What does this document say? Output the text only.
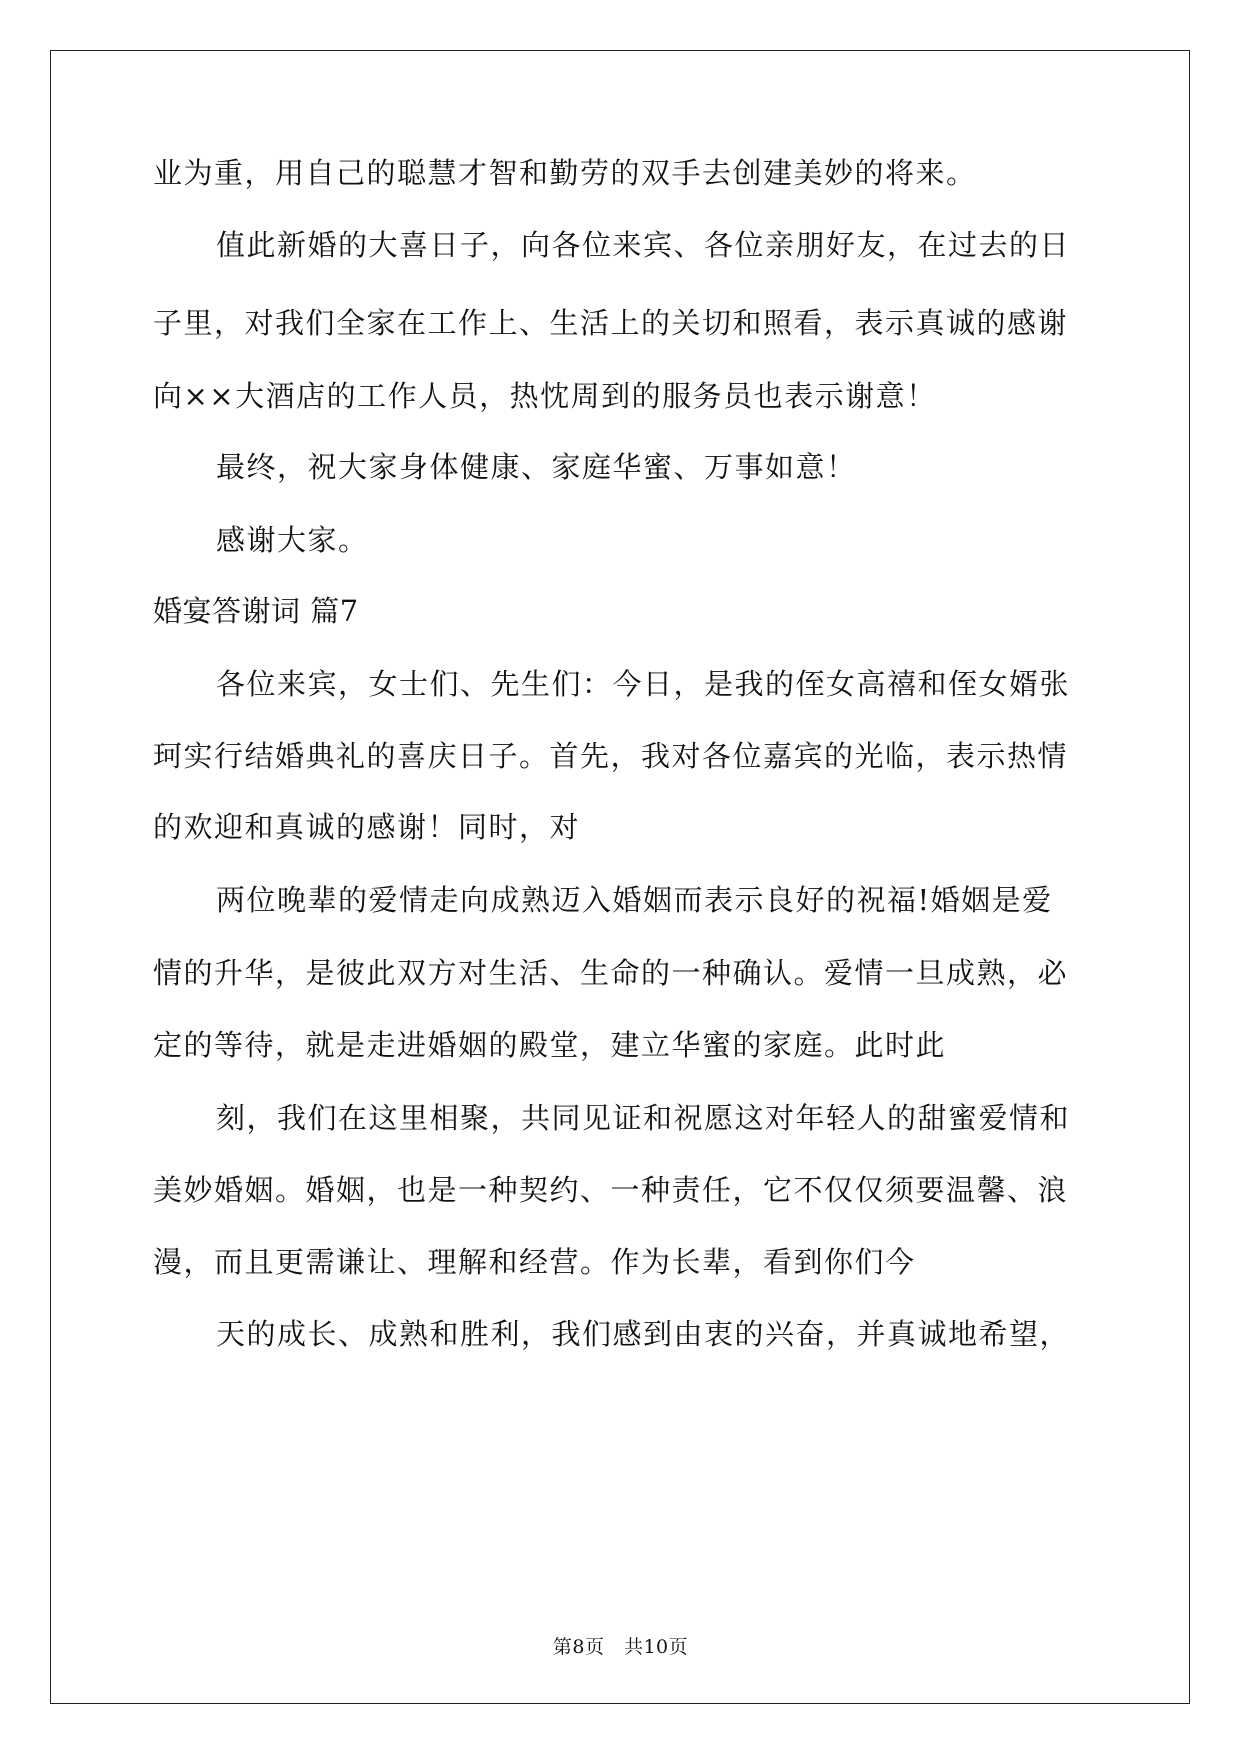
业为重，用自己的聪慧才智和勤劳的双手去创建美妙的将来。
值此新婚的大喜日子，向各位来宾、各位亲朋好友，在过去的日
子里，对我们全家在工作上、生活上的关切和照看，表示真诚的感谢
向××大酒店的工作人员，热忱周到的服务员也表示谢意！
最终，祝大家身体健康、家庭华蜜、万事如意！
感谢大家。
婚宴答谢词 篇7
各位来宾，女士们、先生们：今日，是我的侄女高禧和侄女婿张
珂实行结婚典礼的喜庆日子。首先，我对各位嘉宾的光临，表示热情
的欢迎和真诚的感谢！同时，对
两位晚辈的爱情走向成熟迈入婚姻而表示良好的祝福!婚姻是爱
情的升华，是彼此双方对生活、生命的一种确认。爱情一旦成熟，必
定的等待，就是走进婚姻的殿堂，建立华蜜的家庭。此时此
刻，我们在这里相聚，共同见证和祝愿这对年轻人的甜蜜爱情和
美妙婚姻。婚姻，也是一种契约、一种责任，它不仅仅须要温馨、浪
漫，而且更需谦让、理解和经营。作为长辈，看到你们今
天的成长、成熟和胜利，我们感到由衷的兴奋，并真诚地希望，
第8页　共10页
